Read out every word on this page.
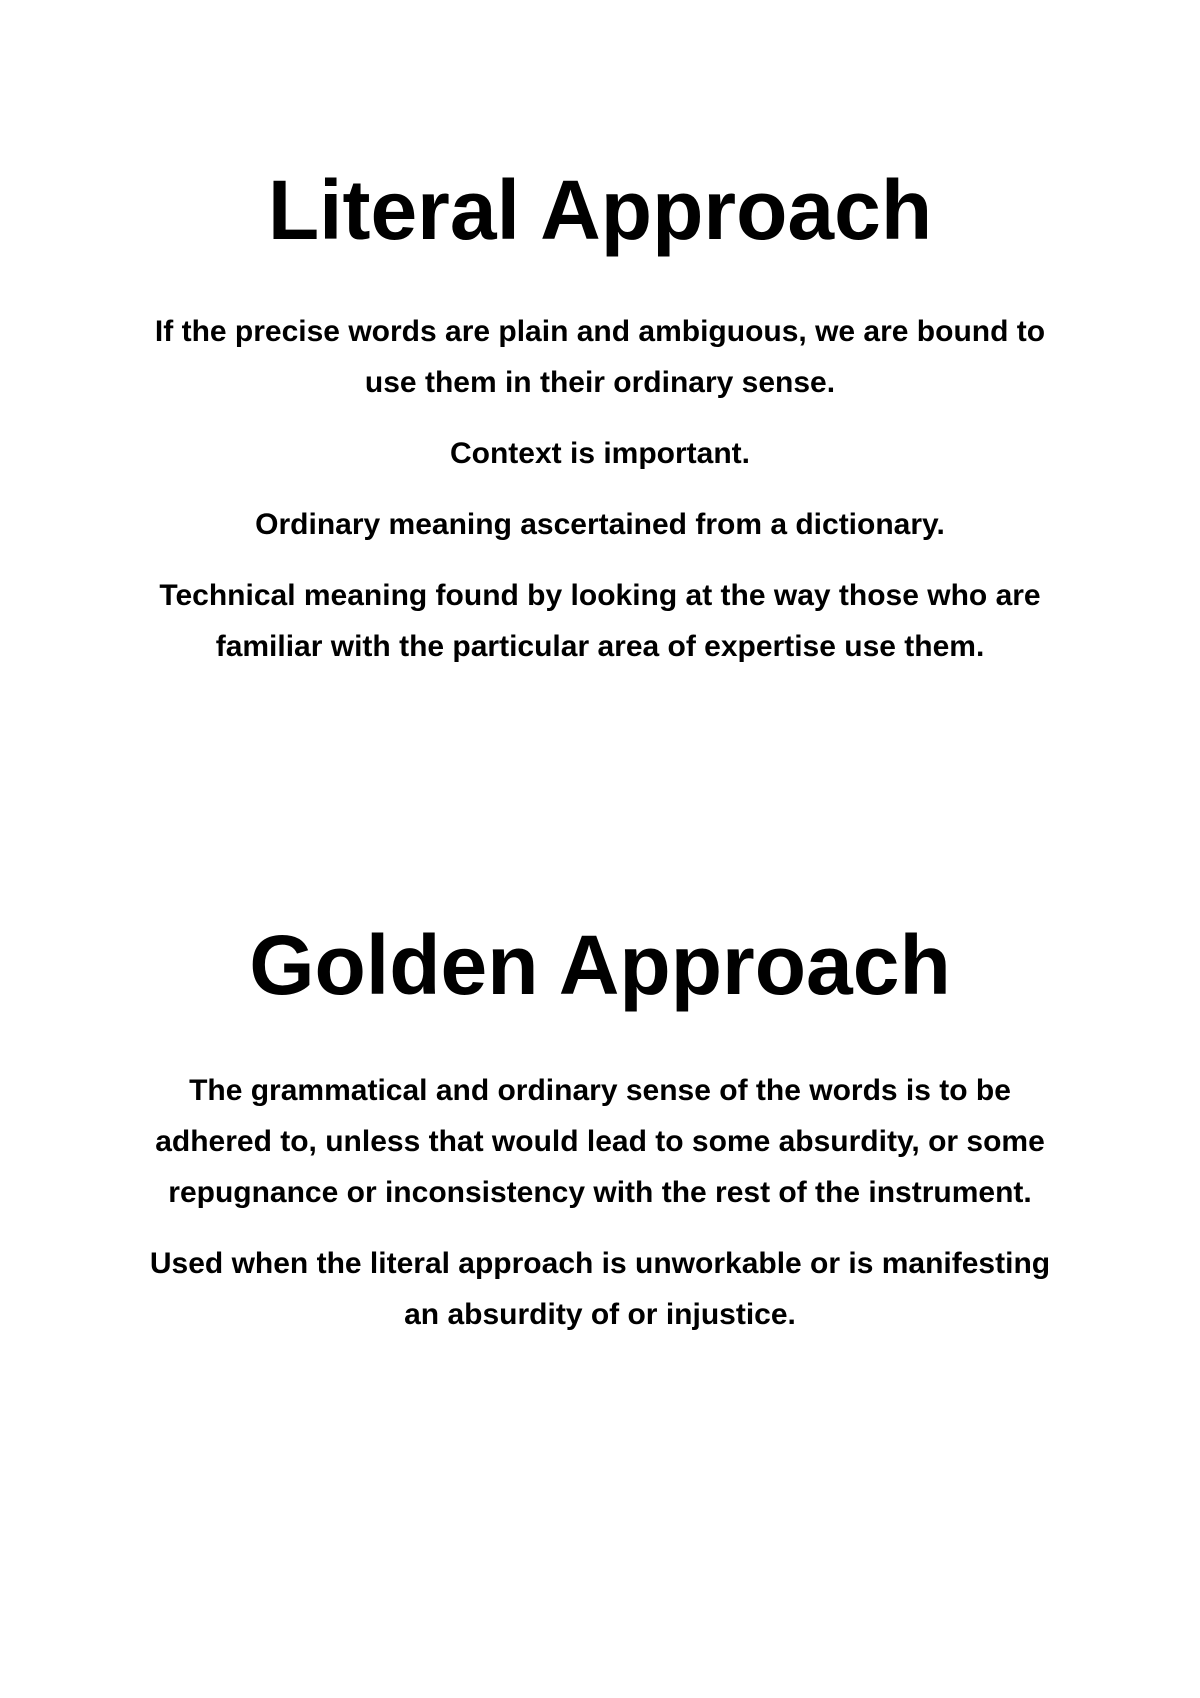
Literal Approach

If the precise words are plain and ambiguous, we are bound to use them in their ordinary sense.

Context is important.

Ordinary meaning ascertained from a dictionary.

Technical meaning found by looking at the way those who are familiar with the particular area of expertise use them.

Golden Approach

The grammatical and ordinary sense of the words is to be adhered to, unless that would lead to some absurdity, or some repugnance or inconsistency with the rest of the instrument.

Used when the literal approach is unworkable or is manifesting an absurdity of or injustice.
